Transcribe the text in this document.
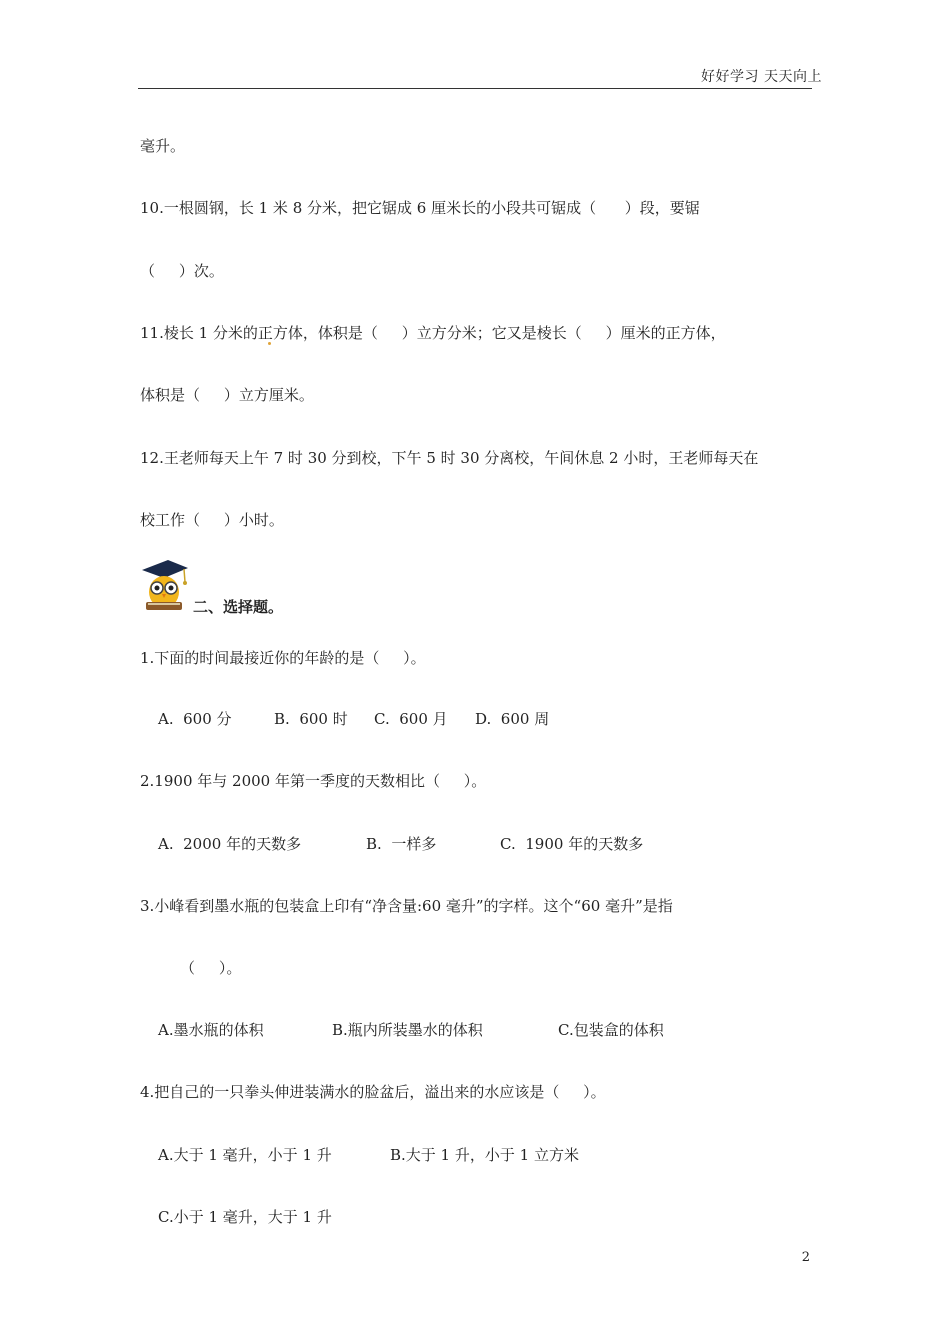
好好学习 天天向上
毫升。
10.一根圆钢，长 1 米 8 分米，把它锯成 6 厘米长的小段共可锯成（      ）段，要锯
（     ）次。
11.棱长 1 分米的正方体，体积是（     ）立方分米；它又是棱长（     ）厘米的正方体，
体积是（     ）立方厘米。
12.王老师每天上午 7 时 30 分到校，下午 5 时 30 分离校，午间休息 2 小时，王老师每天在
校工作（     ）小时。
二、选择题。
1.下面的时间最接近你的年龄的是（     ）。
A.  600 分	B.  600 时 C.  600 月 D.  600 周
2.1900 年与 2000 年第一季度的天数相比（     ）。
A.  2000 年的天数多	B.  一样多	C.  1900 年的天数多
3.小峰看到墨水瓶的包装盒上印有“净含量:60 毫升”的字样。这个“60 毫升”是指
（     ）。
A.墨水瓶的体积	B.瓶内所装墨水的体积	C.包装盒的体积
4.把自己的一只拳头伸进装满水的脸盆后，溢出来的水应该是（     ）。
A.大于 1 毫升，小于 1 升	B.大于 1 升，小于 1 立方米
C.小于 1 毫升，大于 1 升
2
